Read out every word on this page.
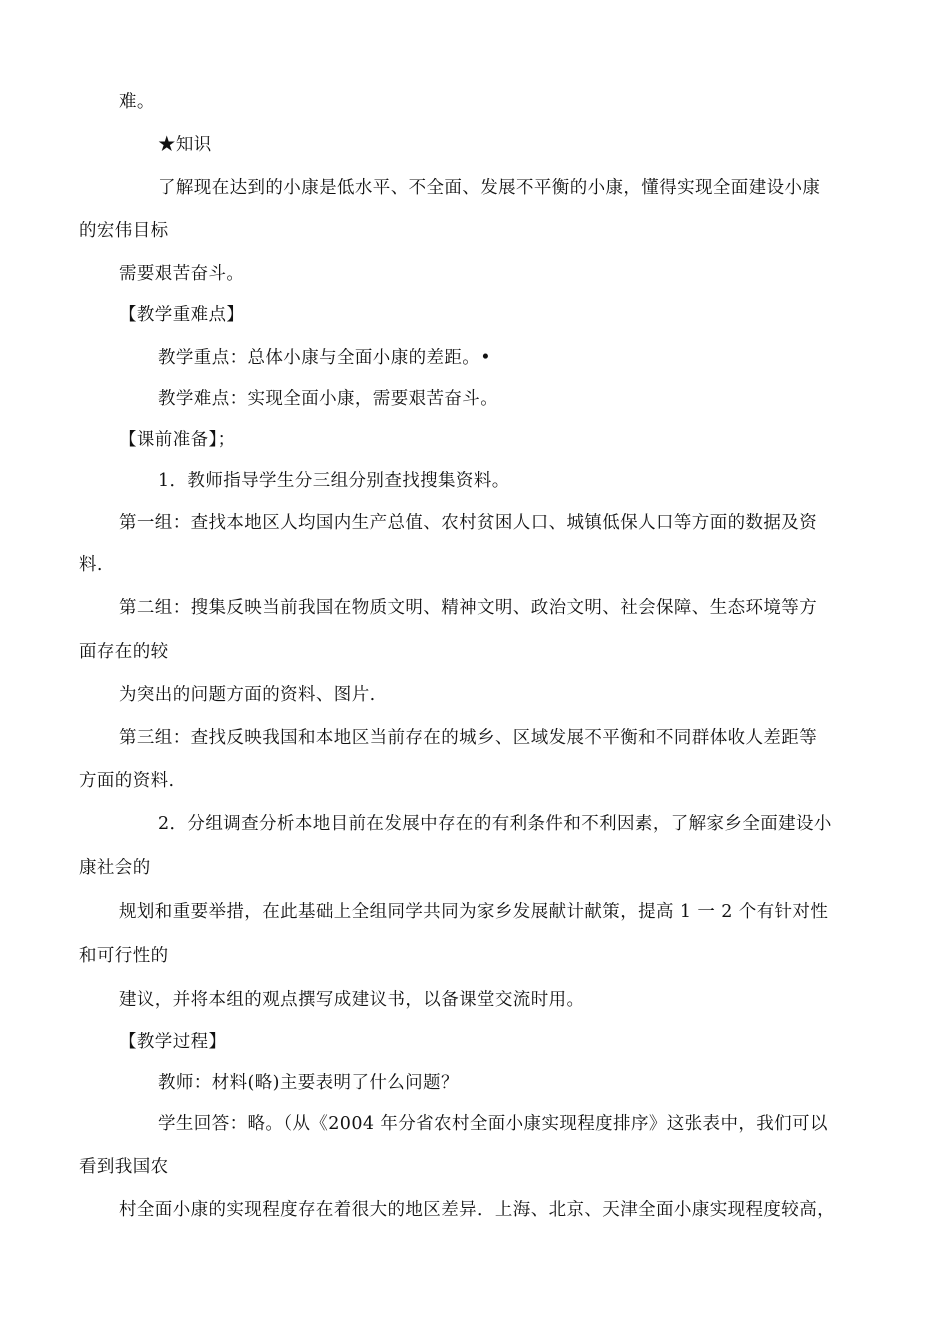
难。
★知识
了解现在达到的小康是低水平、不全面、发展不平衡的小康，懂得实现全面建设小康
的宏伟目标
需要艰苦奋斗。
【教学重难点】
教学重点：总体小康与全面小康的差距。•
教学难点：实现全面小康，需要艰苦奋斗。
【课前准备】；
1．教师指导学生分三组分别查找搜集资料。
第一组：查找本地区人均国内生产总值、农村贫困人口、城镇低保人口等方面的数据及资
料.
第二组：搜集反映当前我国在物质文明、精神文明、政治文明、社会保障、生态环境等方
面存在的较
为突出的问题方面的资料、图片.
第三组：查找反映我国和本地区当前存在的城乡、区域发展不平衡和不同群体收人差距等
方面的资料.
2．分组调查分析本地目前在发展中存在的有利条件和不利因素，了解家乡全面建设小
康社会的
规划和重要举措，在此基础上全组同学共同为家乡发展献计献策，提高 1 一 2 个有针对性
和可行性的
建议，并将本组的观点撰写成建议书，以备课堂交流时用。
【教学过程】
教师：材料(略)主要表明了什么问题？
学生回答：略。（从《2004 年分省农村全面小康实现程度排序》这张表中，我们可以
看到我国农
村全面小康的实现程度存在着很大的地区差异．上海、北京、天津全面小康实现程度较高，
